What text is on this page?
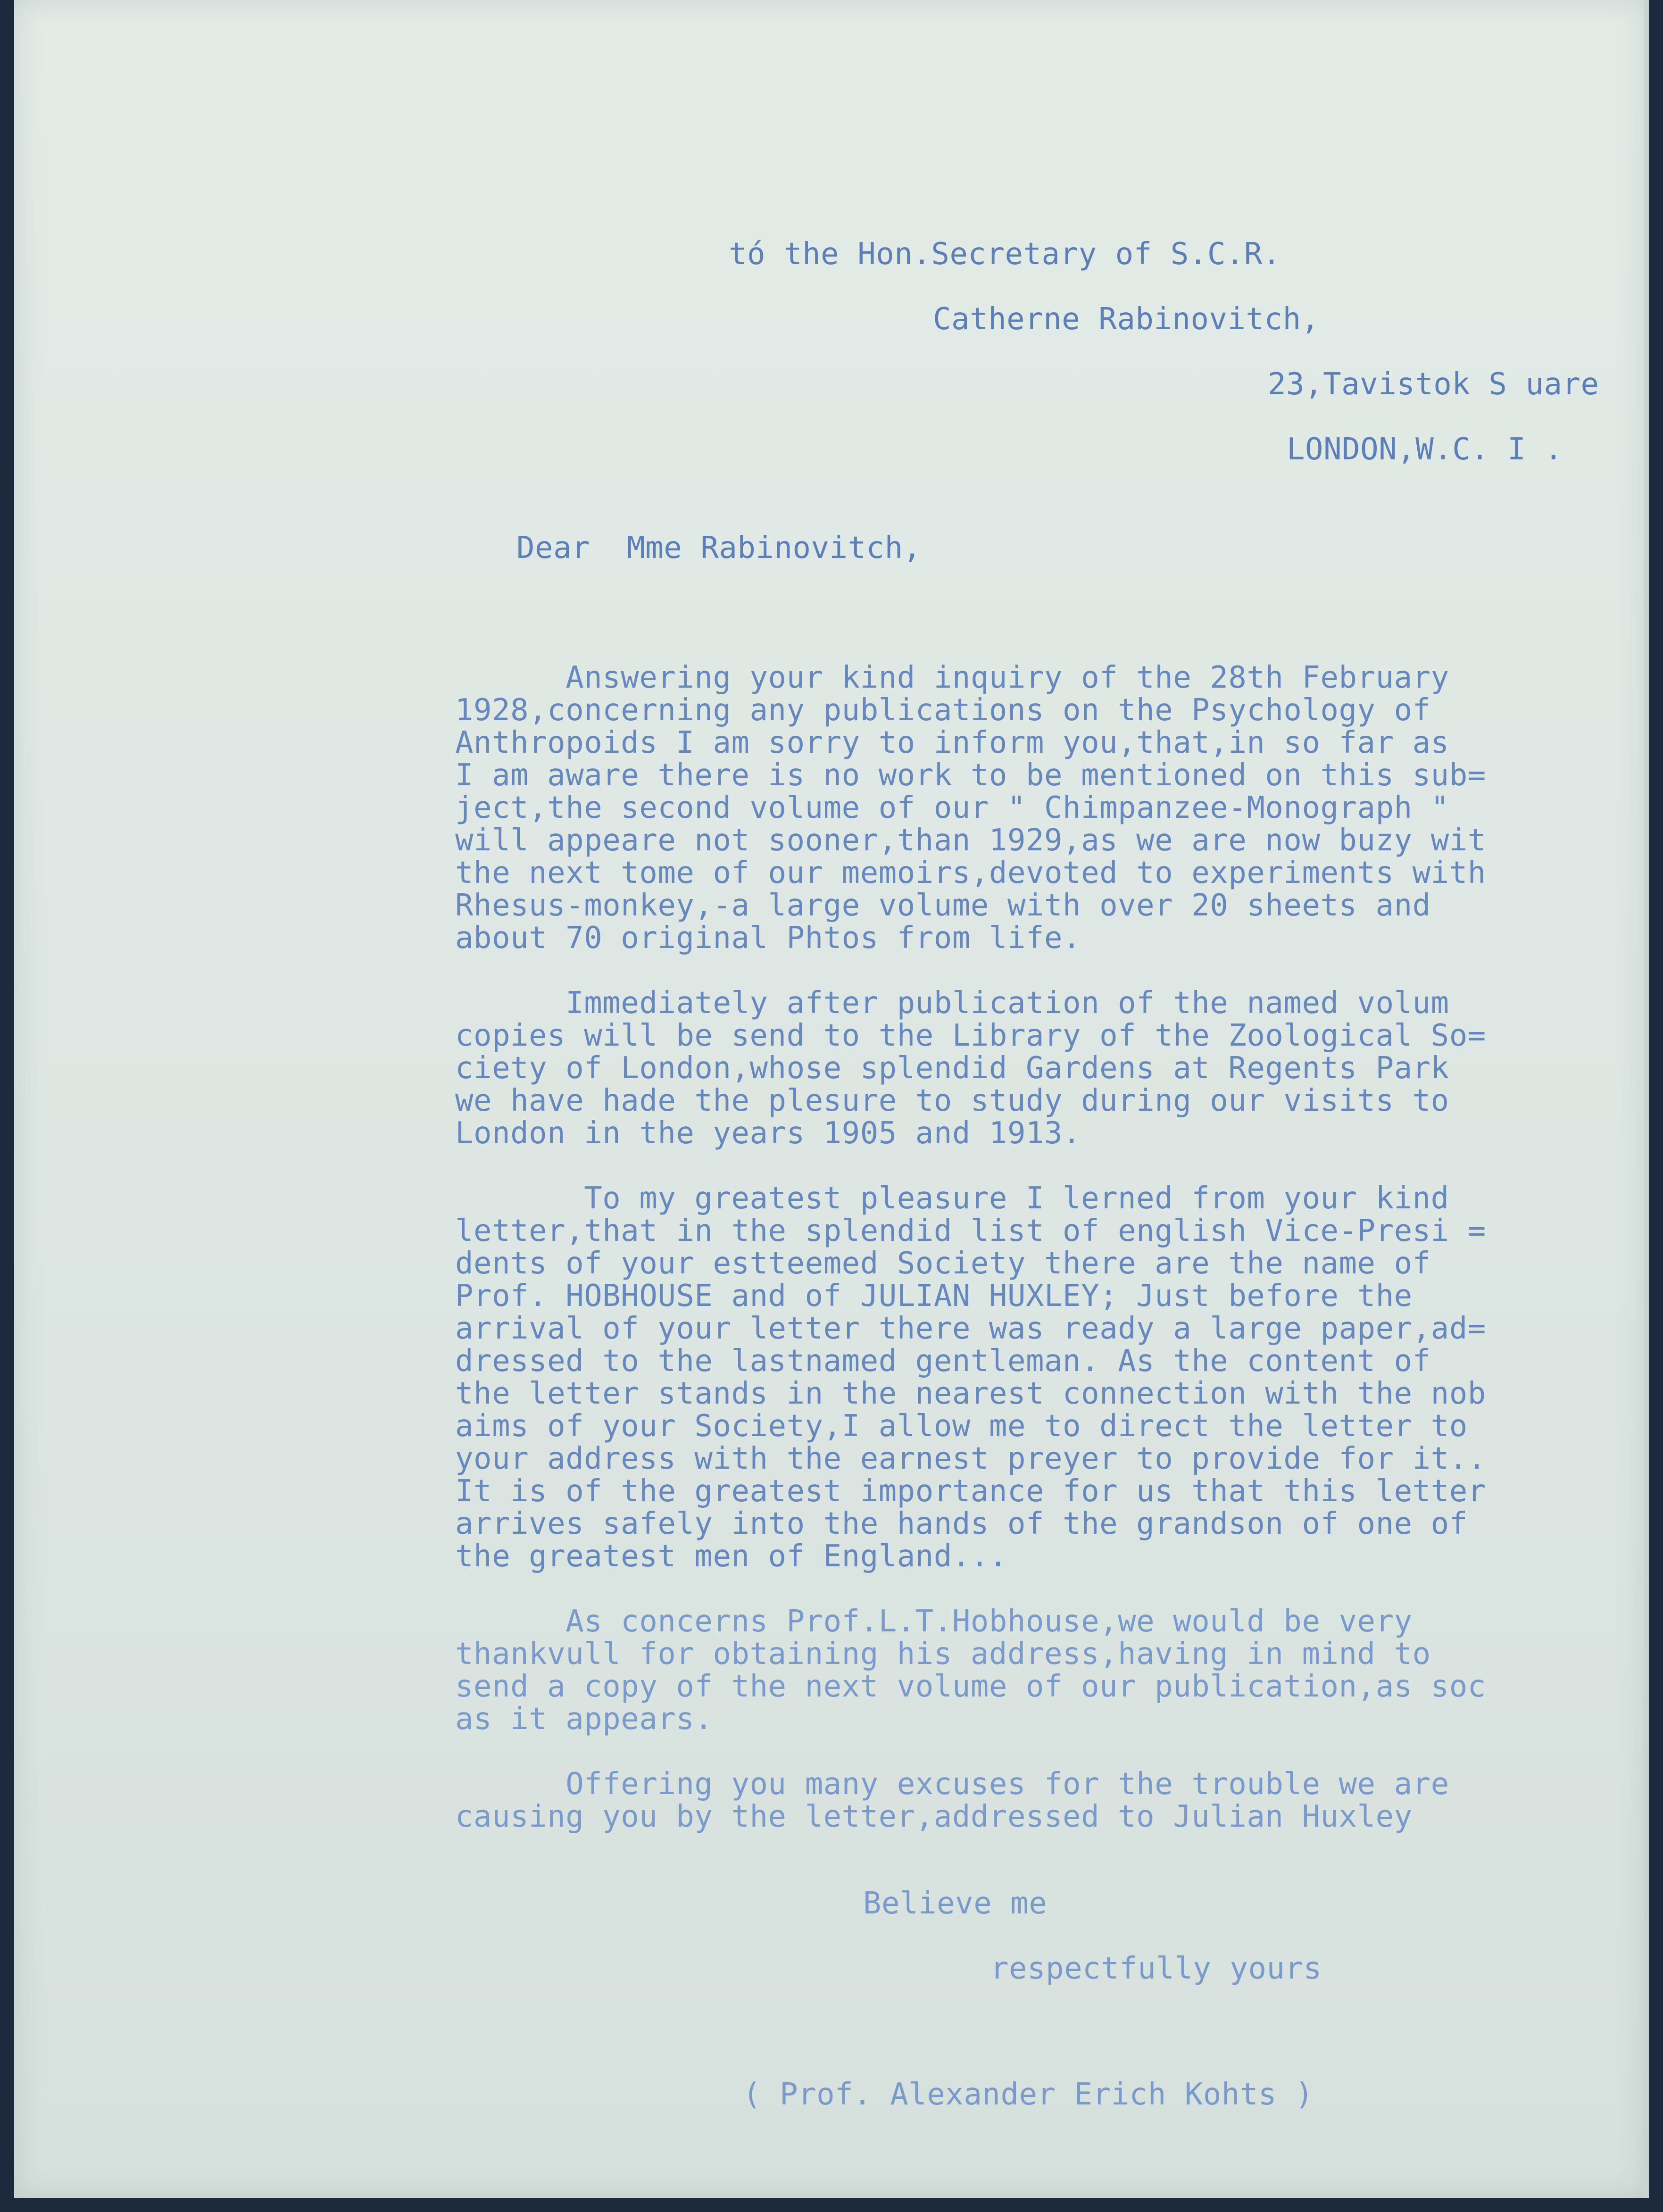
tó the Hon.Secretary of S.C.R.

Catherne Rabinovitch,

23,Tavistok S uare

LONDON,W.C. I .

Dear  Mme Rabinovitch,

Answering your kind inquiry of the 28th February

1928,concerning any publications on the Psychology of

Anthropoids I am sorry to inform you,that,in so far as

I am aware there is no work to be mentioned on this sub=

ject,the second volume of our " Chimpanzee-Monograph "

will appeare not sooner,than 1929,as we are now buzy wit

the next tome of our memoirs,devoted to experiments with

Rhesus-monkey,-a large volume with over 20 sheets and

about 70 original Phtos from life.

Immediately after publication of the named volum

copies will be send to the Library of the Zoological So=

ciety of London,whose splendid Gardens at Regents Park

we have hade the plesure to study during our visits to

London in the years 1905 and 1913.

To my greatest pleasure I lerned from your kind

letter,that in the splendid list of english Vice-Presi =

dents of your estteemed Society there are the name of

Prof. HOBHOUSE and of JULIAN HUXLEY; Just before the

arrival of your letter there was ready a large paper,ad=

dressed to the lastnamed gentleman. As the content of

the letter stands in the nearest connection with the nob

aims of your Society,I allow me to direct the letter to

your address with the earnest preyer to provide for it..

It is of the greatest importance for us that this letter

arrives safely into the hands of the grandson of one of

the greatest men of England...

As concerns Prof.L.T.Hobhouse,we would be very

thankvull for obtaining his address,having in mind to

send a copy of the next volume of our publication,as soc

as it appears.

Offering you many excuses for the trouble we are

causing you by the letter,addressed to Julian Huxley

Believe me

respectfully yours

( Prof. Alexander Erich Kohts )
